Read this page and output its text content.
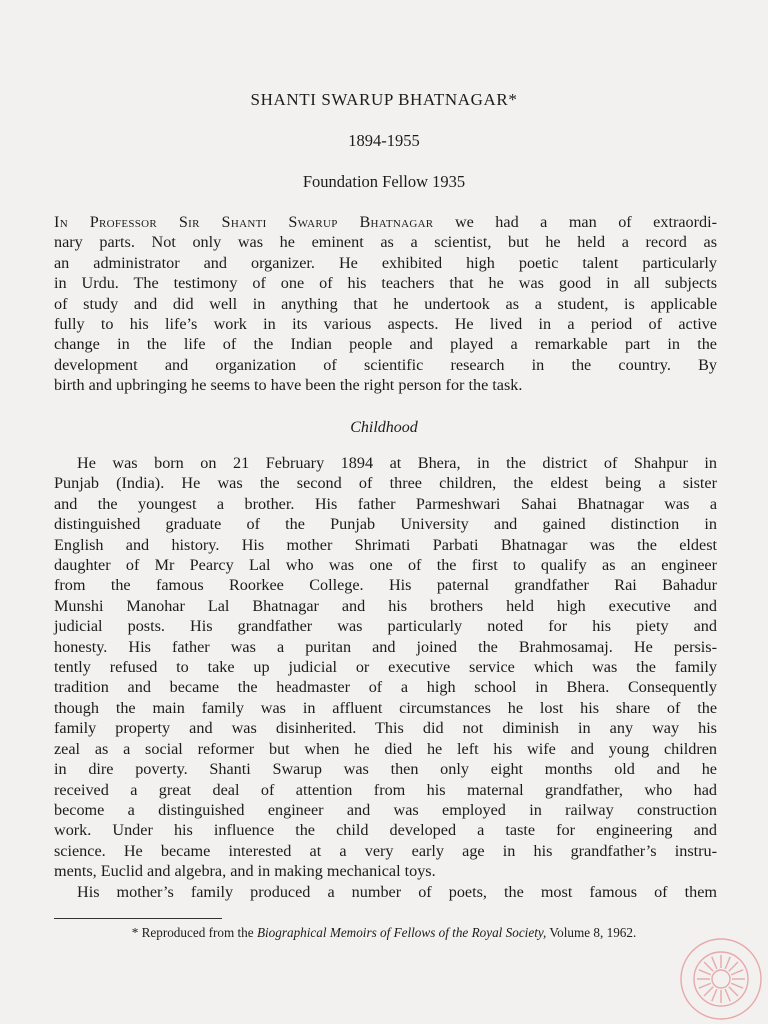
SHANTI SWARUP BHATNAGAR*
1894-1955
Foundation Fellow 1935
In Professor Sir Shanti Swarup Bhatnagar we had a man of extraordi-
nary parts. Not only was he eminent as a scientist, but he held a record as
an administrator and organizer. He exhibited high poetic talent particularly
in Urdu. The testimony of one of his teachers that he was good in all subjects
of study and did well in anything that he undertook as a student, is applicable
fully to his life’s work in its various aspects. He lived in a period of active
change in the life of the Indian people and played a remarkable part in the
development and organization of scientific research in the country. By
birth and upbringing he seems to have been the right person for the task.
Childhood
He was born on 21 February 1894 at Bhera, in the district of Shahpur in
Punjab (India). He was the second of three children, the eldest being a sister
and the youngest a brother. His father Parmeshwari Sahai Bhatnagar was a
distinguished graduate of the Punjab University and gained distinction in
English and history. His mother Shrimati Parbati Bhatnagar was the eldest
daughter of Mr Pearcy Lal who was one of the first to qualify as an engineer
from the famous Roorkee College. His paternal grandfather Rai Bahadur
Munshi Manohar Lal Bhatnagar and his brothers held high executive and
judicial posts. His grandfather was particularly noted for his piety and
honesty. His father was a puritan and joined the Brahmosamaj. He persis-
tently refused to take up judicial or executive service which was the family
tradition and became the headmaster of a high school in Bhera. Consequently
though the main family was in affluent circumstances he lost his share of the
family property and was disinherited. This did not diminish in any way his
zeal as a social reformer but when he died he left his wife and young children
in dire poverty. Shanti Swarup was then only eight months old and he
received a great deal of attention from his maternal grandfather, who had
become a distinguished engineer and was employed in railway construction
work. Under his influence the child developed a taste for engineering and
science. He became interested at a very early age in his grandfather’s instru-
ments, Euclid and algebra, and in making mechanical toys.
His mother’s family produced a number of poets, the most famous of them
* Reproduced from the Biographical Memoirs of Fellows of the Royal Society, Volume 8, 1962.
